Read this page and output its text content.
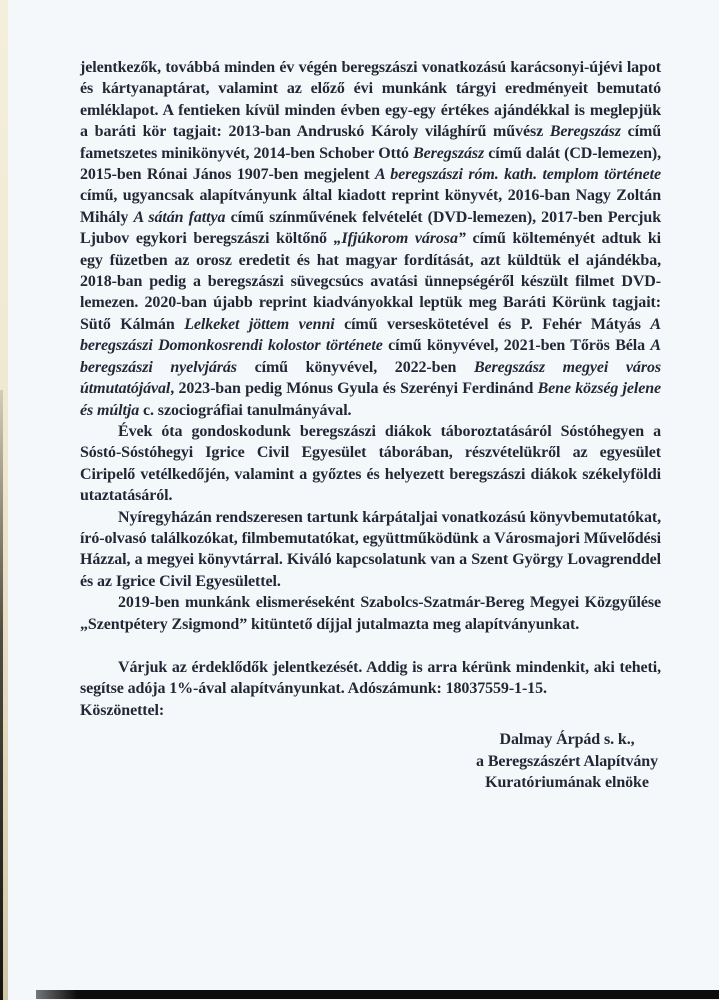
jelentkezők, továbbá minden év végén beregszászi vonatkozású karácsonyi-újévi lapot és kártyanaptárat, valamint az előző évi munkánk tárgyi eredményeit bemutató emléklapot. A fentieken kívül minden évben egy-egy értékes ajándékkal is meglepjük a baráti kör tagjait: 2013-ban Andruskó Károly világhírű művész Beregszász című fametszetes minikönyvét, 2014-ben Schober Ottó Beregszász című dalát (CD-lemezen), 2015-ben Rónai János 1907-ben megjelent A beregszászi róm. kath. templom története című, ugyancsak alapítványunk által kiadott reprint könyvét, 2016-ban Nagy Zoltán Mihály A sátán fattya című színművének felvételét (DVD-lemezen), 2017-ben Percjuk Ljubov egykori beregszászi költőnő „Ifjúkorom városa” című költeményét adtuk ki egy füzetben az orosz eredetit és hat magyar fordítását, azt küldtük el ajándékba, 2018-ban pedig a beregszászi süvegcsúcs avatási ünnepségéről készült filmet DVD-lemezen. 2020-ban újabb reprint kiadványokkal leptük meg Baráti Körünk tagjait: Sütő Kálmán Lelkeket jöttem venni című verseskötetével és P. Fehér Mátyás A beregszászi Domonkosrendi kolostor története című könyvével, 2021-ben Tőrös Béla A beregszászi nyelvjárás című könyvével, 2022-ben Beregszász megyei város útmutatójával, 2023-ban pedig Mónus Gyula és Szerényi Ferdinánd Bene község jelene és múltja c. szociográfiai tanulmányával.

Évek óta gondoskodunk beregszászi diákok táboroztatásáról Sóstóhegyen a Sóstó-Sóstóhegyi Igrice Civil Egyesület táborában, részvételükről az egyesület Ciripelő vetélkedőjén, valamint a győztes és helyezett beregszászi diákok székelyföldi utaztatásáról.

Nyíregyházán rendszeresen tartunk kárpátaljai vonatkozású könyvbemutatókat, író-olvasó találkozókat, filmbemutatókat, együttműködünk a Városmajori Művelődési Házzal, a megyei könyvtárral. Kiváló kapcsolatunk van a Szent György Lovagrenddel és az Igrice Civil Egyesülettel.

2019-ben munkánk elismeréseként Szabolcs-Szatmár-Bereg Megyei Közgyűlése „Szentpétery Zsigmond” kitüntető díjjal jutalmazta meg alapítványunkat.

Várjuk az érdeklődők jelentkezését. Addig is arra kérünk mindenkit, aki teheti, segítse adója 1%-ával alapítványunkat. Adószámunk: 18037559-1-15.

Köszönettel:

Dalmay Árpád s. k.,
a Beregszászért Alapítvány
Kuratóriumának elnöke
